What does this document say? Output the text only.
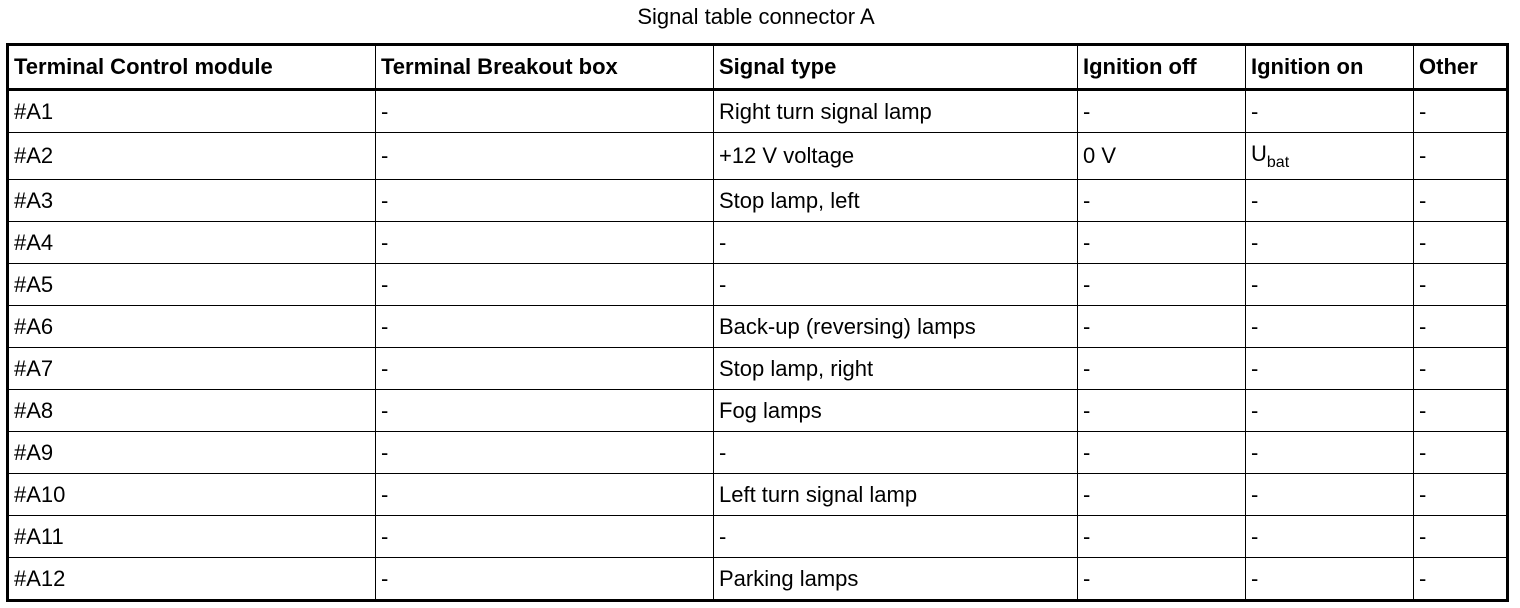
Signal table connector A
Terminal Control module	Terminal Breakout box	Signal type	Ignition off	Ignition on	Other
#A1	-	Right turn signal lamp	-	-	-
#A2	-	+12 V voltage	0 V	$U_{bat}$	-
#A3	-	Stop lamp, left	-	-	-
#A4	-	-	-	-	-
#A5	-	-	-	-	-
#A6	-	Back-up (reversing) lamps	-	-	-
#A7	-	Stop lamp, right	-	-	-
#A8	-	Fog lamps	-	-	-
#A9	-	-	-	-	-
#A10	-	Left turn signal lamp	-	-	-
#A11	-	-	-	-	-
#A12	-	Parking lamps	-	-	-
